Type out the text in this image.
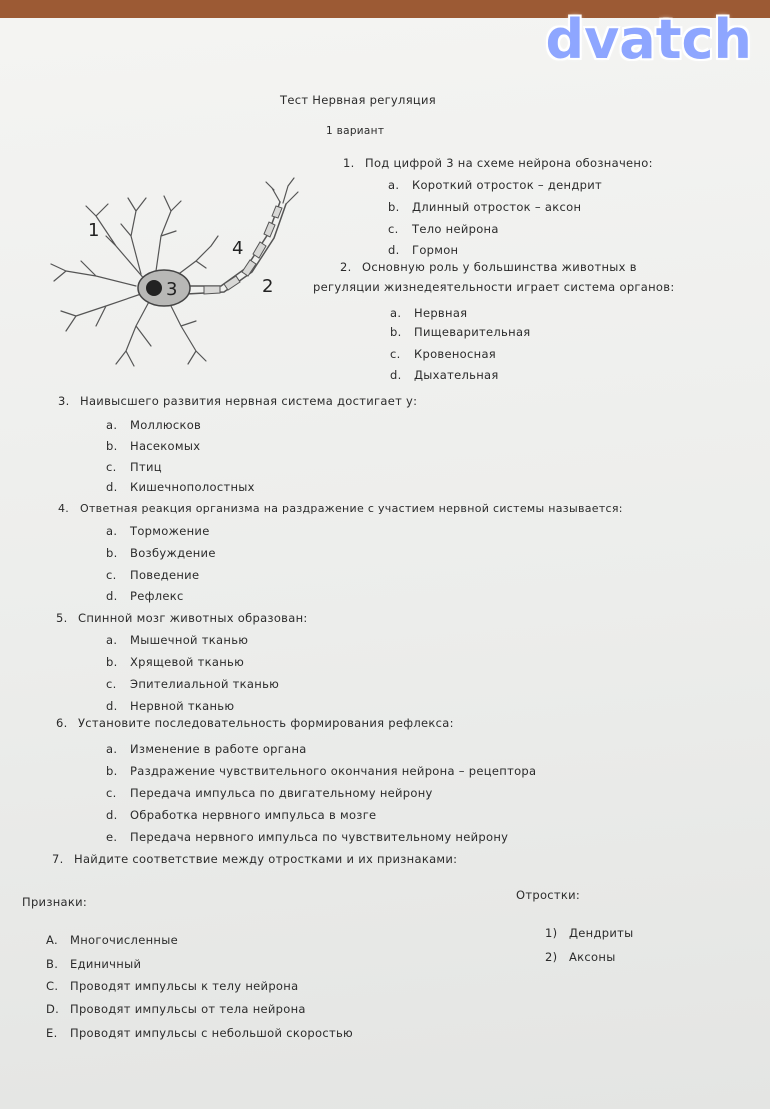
dvatch
1
2
3
4
Тест Нервная регуляция
1 вариант
1. Под цифрой 3 на схеме нейрона обозначено:
a. Короткий отросток – дендрит
b. Длинный отросток – аксон
c. Тело нейрона
d. Гормон
2. Основную роль у большинства животных в
регуляции жизнедеятельности играет система органов:
a. Нервная
b. Пищеварительная
c. Кровеносная
d. Дыхательная
3. Наивысшего развития нервная система достигает у:
a. Моллюсков
b. Насекомых
c. Птиц
d. Кишечнополостных
4. Ответная реакция организма на раздражение с участием нервной системы называется:
a. Торможение
b. Возбуждение
c. Поведение
d. Рефлекс
5. Спинной мозг животных образован:
a. Мышечной тканью
b. Хрящевой тканью
c. Эпителиальной тканью
d. Нервной тканью
6. Установите последовательность формирования рефлекса:
a. Изменение в работе органа
b. Раздражение чувствительного окончания нейрона – рецептора
c. Передача импульса по двигательному нейрону
d. Обработка нервного импульса в мозге
e. Передача нервного импульса по чувствительному нейрону
7. Найдите соответствие между отростками и их признаками:
Признаки:	Отростки:
A. Многочисленные
B. Единичный
C. Проводят импульсы к телу нейрона
D. Проводят импульсы от тела нейрона
E. Проводят импульсы с небольшой скоростью
1) Дендриты
2) Аксоны
